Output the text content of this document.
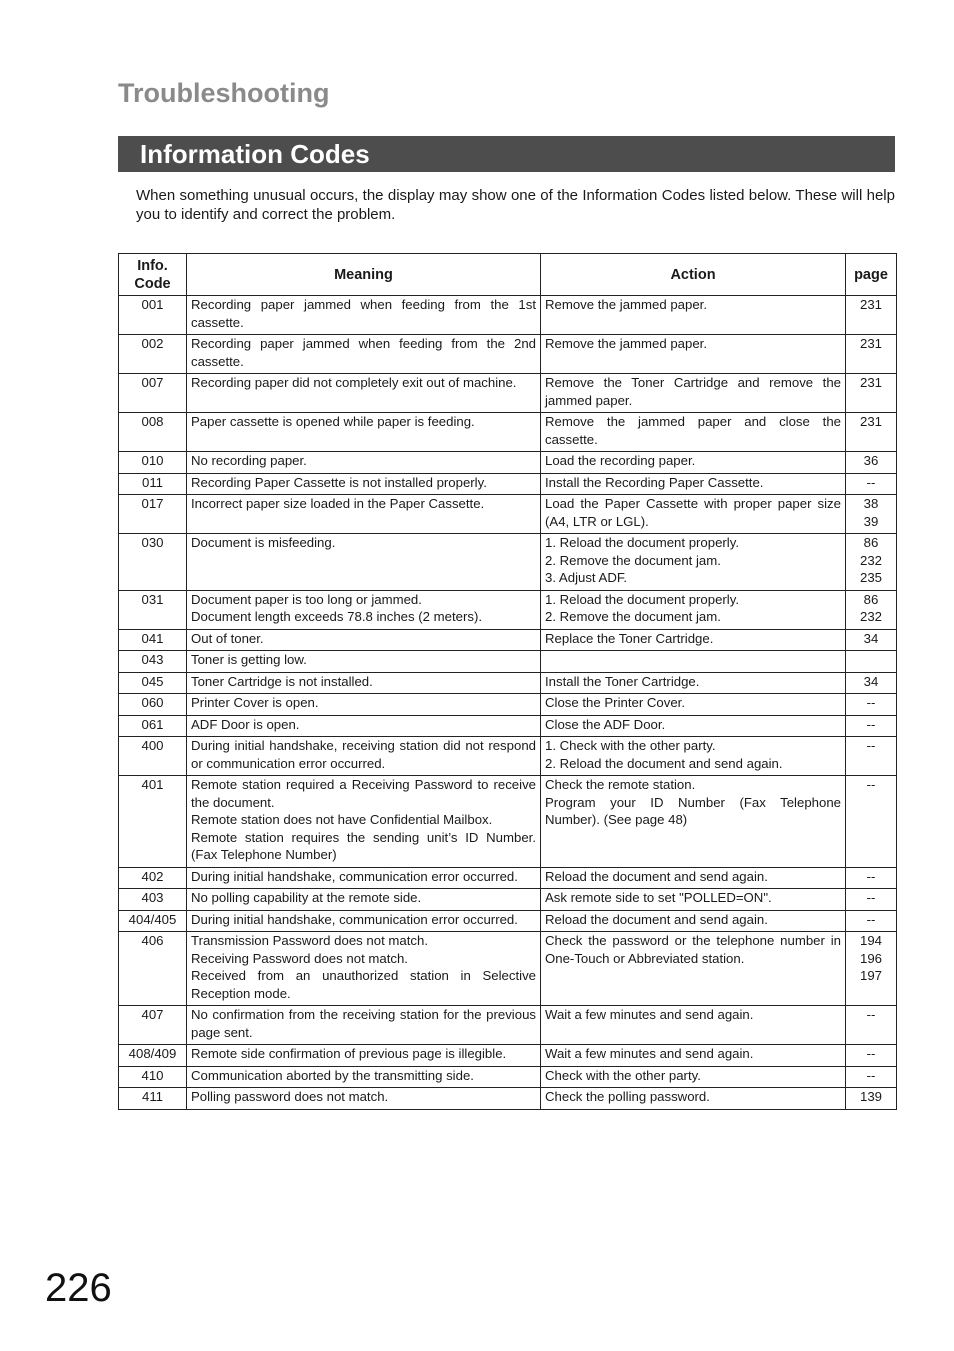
Troubleshooting
Information Codes
When something unusual occurs, the display may show one of the Information Codes listed below. These will help you to identify and correct the problem.
Info. Code	Meaning	Action	page
001	Recording paper jammed when feeding from the 1st cassette.	Remove the jammed paper.	231

002	Recording paper jammed when feeding from the 2nd cassette.	Remove the jammed paper.	231

007	Recording paper did not completely exit out of machine.	Remove the Toner Cartridge and remove the jammed paper.	231

008	Paper cassette is opened while paper is feeding.	Remove the jammed paper and close the cassette.	231

010	No recording paper.	Load the recording paper.	36

011	Recording Paper Cassette is not installed properly.	Install the Recording Paper Cassette.	--

017	Incorrect paper size loaded in the Paper Cassette.	Load the Paper Cassette with proper paper size (A4, LTR or LGL).	38
39

030	Document is misfeeding.	1. Reload the document properly.
2. Remove the document jam.
3. Adjust ADF.	86
232
235

031	Document paper is too long or jammed.
Document length exceeds 78.8 inches (2 meters).	1. Reload the document properly.
2. Remove the document jam.	86
232

041	Out of toner.	Replace the Toner Cartridge.	34

043	Toner is getting low.		

045	Toner Cartridge is not installed.	Install the Toner Cartridge.	34

060	Printer Cover is open.	Close the Printer Cover.	--

061	ADF Door is open.	Close the ADF Door.	--

400	During initial handshake, receiving station did not respond or communication error occurred.	1. Check with the other party.
2. Reload the document and send again.	--

401	Remote station required a Receiving Password to receive the document.
Remote station does not have Confidential Mailbox.
Remote station requires the sending unit’s ID Number. (Fax Telephone Number)	Check the remote station.
Program your ID Number (Fax Telephone Number). (See page 48)	--

402	During initial handshake, communication error occurred.	Reload the document and send again.	--

403	No polling capability at the remote side.	Ask remote side to set "POLLED=ON".	--

404/405	During initial handshake, communication error occurred.	Reload the document and send again.	--

406	Transmission Password does not match.
Receiving Password does not match.
Received from an unauthorized station in Selective Reception mode.	Check the password or the telephone number in One-Touch or Abbreviated station.	194
196
197

407	No confirmation from the receiving station for the previous page sent.	Wait a few minutes and send again.	--

408/409	Remote side confirmation of previous page is illegible.	Wait a few minutes and send again.	--

410	Communication aborted by the transmitting side.	Check with the other party.	--

411	Polling password does not match.	Check the polling password.	139
226
